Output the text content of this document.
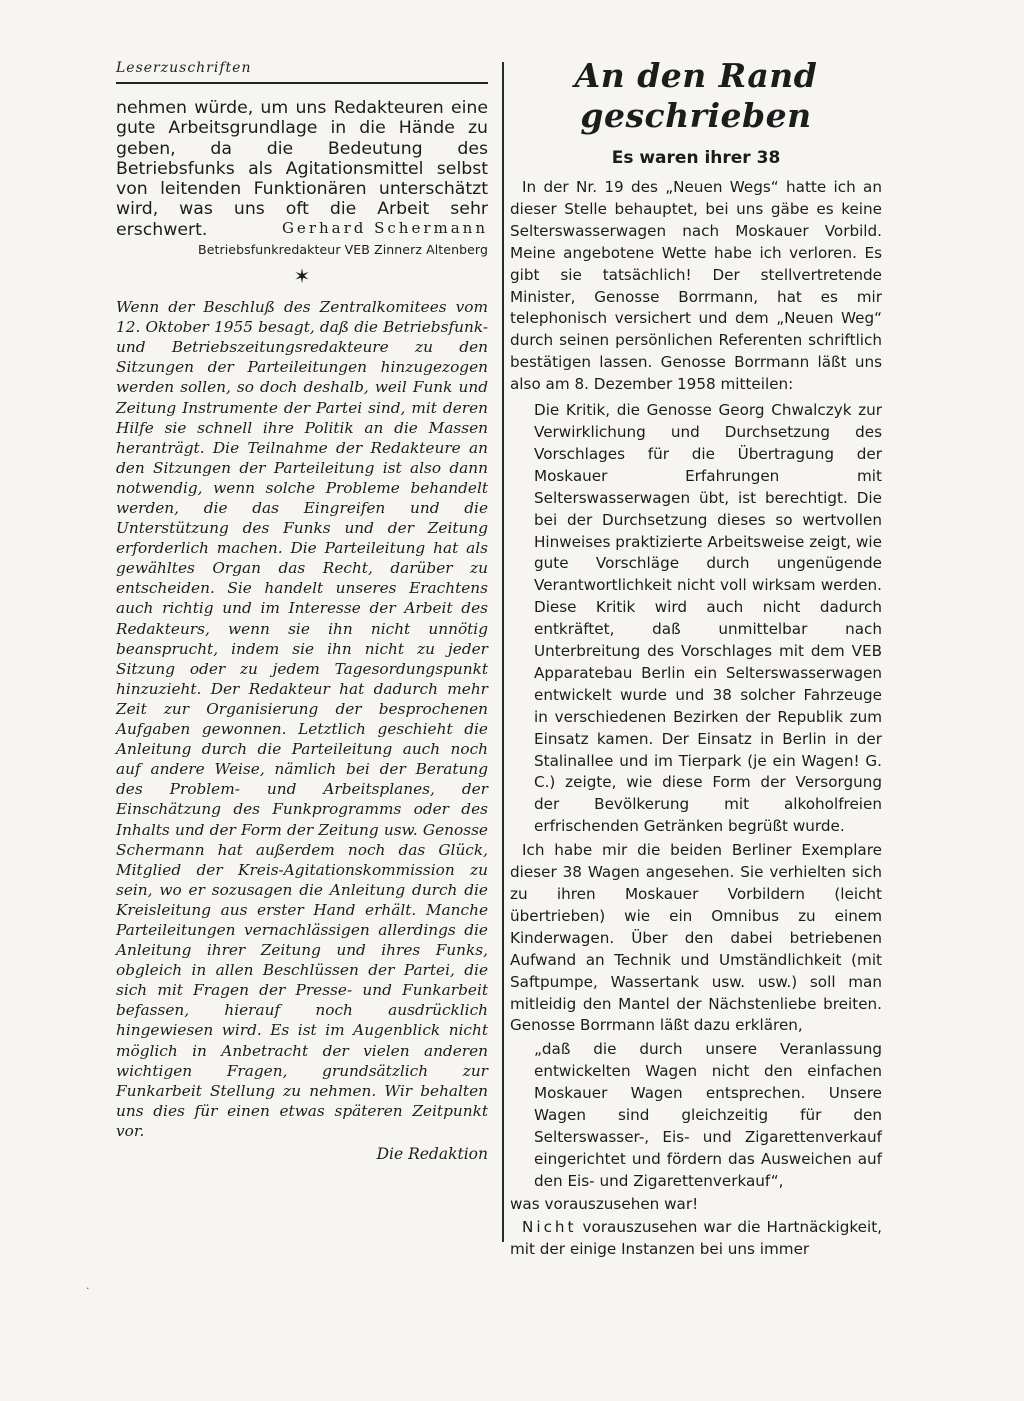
Leserzuschriften
nehmen würde, um uns Redakteuren eine gute Arbeitsgrundlage in die Hände zu geben, da die Bedeutung des Betriebsfunks als Agitationsmittel selbst von leitenden Funktionären unterschätzt wird, was uns oft die Arbeit sehr erschwert.	Gerhard Schermann
Betriebsfunkredakteur VEB Zinnerz Altenberg
✶
Wenn der Beschluß des Zentralkomitees vom 12. Oktober 1955 besagt, daß die Betriebsfunk- und Betriebszeitungsredakteure zu den Sitzungen der Parteileitungen hinzugezogen werden sollen, so doch deshalb, weil Funk und Zeitung Instrumente der Partei sind, mit deren Hilfe sie schnell ihre Politik an die Massen heranträgt. Die Teilnahme der Redakteure an den Sitzungen der Parteileitung ist also dann notwendig, wenn solche Probleme behandelt werden, die das Eingreifen und die Unterstützung des Funks und der Zeitung erforderlich machen. Die Parteileitung hat als gewähltes Organ das Recht, darüber zu entscheiden. Sie handelt unseres Erachtens auch richtig und im Interesse der Arbeit des Redakteurs, wenn sie ihn nicht unnötig beansprucht, indem sie ihn nicht zu jeder Sitzung oder zu jedem Tagesordungspunkt hinzuzieht. Der Redakteur hat dadurch mehr Zeit zur Organisierung der besprochenen Aufgaben gewonnen. Letztlich geschieht die Anleitung durch die Parteileitung auch noch auf andere Weise, nämlich bei der Beratung des Problem- und Arbeitsplanes, der Einschätzung des Funkprogramms oder des Inhalts und der Form der Zeitung usw. Genosse Schermann hat außerdem noch das Glück, Mitglied der Kreis-Agitationskommission zu sein, wo er sozusagen die Anleitung durch die Kreisleitung aus erster Hand erhält. Manche Parteileitungen vernachlässigen allerdings die Anleitung ihrer Zeitung und ihres Funks, obgleich in allen Beschlüssen der Partei, die sich mit Fragen der Presse- und Funkarbeit befassen, hierauf noch ausdrücklich hingewiesen wird. Es ist im Augenblick nicht möglich in Anbetracht der vielen anderen wichtigen Fragen, grundsätzlich zur Funkarbeit Stellung zu nehmen. Wir behalten uns dies für einen etwas späteren Zeitpunkt vor.
Die Redaktion
An den Rand geschrieben
Es waren ihrer 38

In der Nr. 19 des „Neuen Wegs“ hatte ich an dieser Stelle behauptet, bei uns gäbe es keine Selterswasserwagen nach Moskauer Vorbild. Meine angebotene Wette habe ich verloren. Es gibt sie tatsächlich! Der stellvertretende Minister, Genosse Borrmann, hat es mir telephonisch versichert und dem „Neuen Weg“ durch seinen persönlichen Referenten schriftlich bestätigen lassen. Genosse Borrmann läßt uns also am 8. Dezember 1958 mitteilen:

Die Kritik, die Genosse Georg Chwalczyk zur Verwirklichung und Durchsetzung des Vorschlages für die Übertragung der Moskauer Erfahrungen mit Selterswasserwagen übt, ist berechtigt. Die bei der Durchsetzung dieses so wertvollen Hinweises praktizierte Arbeitsweise zeigt, wie gute Vorschläge durch ungenügende Verantwortlichkeit nicht voll wirksam werden. Diese Kritik wird auch nicht dadurch entkräftet, daß unmittelbar nach Unterbreitung des Vorschlages mit dem VEB Apparatebau Berlin ein Selterswasserwagen entwickelt wurde und 38 solcher Fahrzeuge in verschiedenen Bezirken der Republik zum Einsatz kamen. Der Einsatz in Berlin in der Stalinallee und im Tierpark (je ein Wagen! G. C.) zeigte, wie diese Form der Versorgung der Bevölkerung mit alkoholfreien erfrischenden Getränken begrüßt wurde.

Ich habe mir die beiden Berliner Exemplare dieser 38 Wagen angesehen. Sie verhielten sich zu ihren Moskauer Vorbildern (leicht übertrieben) wie ein Omnibus zu einem Kinderwagen. Über den dabei betriebenen Aufwand an Technik und Umständlichkeit (mit Saftpumpe, Wassertank usw. usw.) soll man mitleidig den Mantel der Nächstenliebe breiten. Genosse Borrmann läßt dazu erklären,

„daß die durch unsere Veranlassung entwickelten Wagen nicht den einfachen Moskauer Wagen entsprechen. Unsere Wagen sind gleichzeitig für den Selterswasser-, Eis- und Zigarettenverkauf eingerichtet und fördern das Ausweichen auf den Eis- und Zigarettenverkauf“,

was vorauszusehen war!

Nicht vorauszusehen war die Hartnäckigkeit, mit der einige Instanzen bei uns immer

·
